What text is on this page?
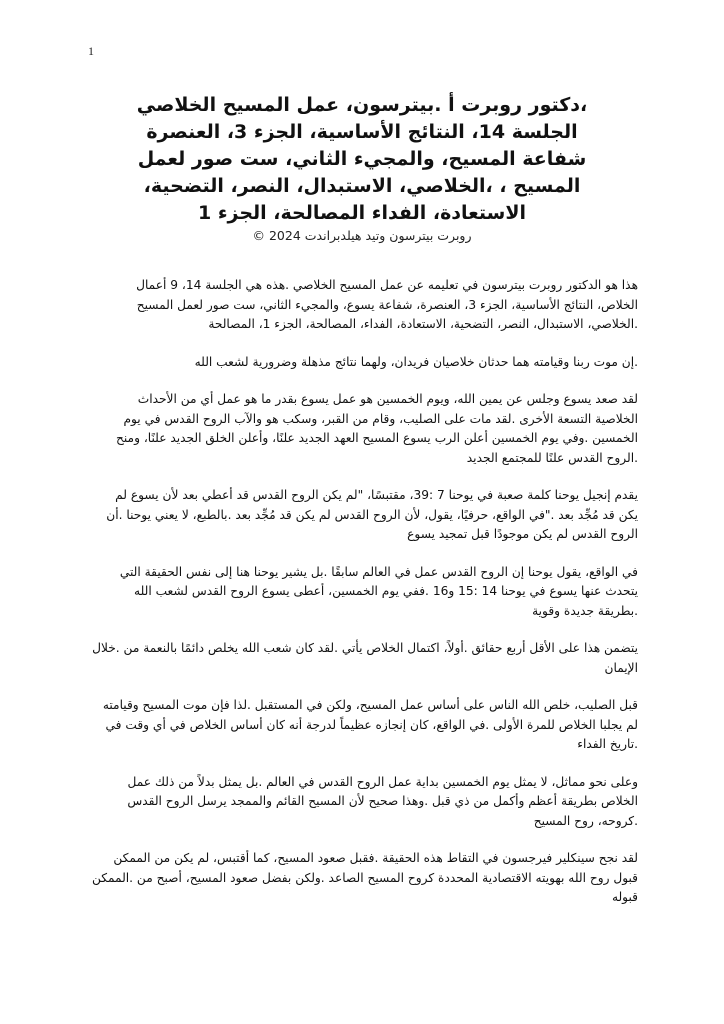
1
،دكتور روبرت أ .بيترسون، عمل المسيح الخلاصي الجلسة 14، النتائج الأساسية، الجزء 3، العنصرة شفاعة المسيح، والمجيء الثاني، ست صور لعمل المسيح ، ،الخلاصي، الاستبدال، النصر، التضحية، الاستعادة، الفداء المصالحة، الجزء 1
روبرت بيترسون وتيد هيلدبراندت 2024 ©

هذا هو الدكتور روبرت بيترسون في تعليمه عن عمل المسيح الخلاصي .هذه هي الجلسة 14، 9 أعمال الخلاص، النتائج الأساسية، الجزء 3، العنصرة، شفاعة يسوع، والمجيء الثاني، ست صور لعمل المسيح .الخلاصي، الاستبدال، النصر، التضحية، الاستعادة، الفداء، المصالحة، الجزء 1، المصالحة

.إن موت ربنا وقيامته هما حدثان خلاصيان فريدان، ولهما نتائج مذهلة وضرورية لشعب الله

لقد صعد يسوع وجلس عن يمين الله، ويوم الخمسين هو عمل يسوع بقدر ما هو عمل أي من الأحداث الخلاصية التسعة الأخرى .لقد مات على الصليب، وقام من القبر، وسكب هو والآب الروح القدس في يوم الخمسين .وفي يوم الخمسين أعلن الرب يسوع المسيح العهد الجديد علنًا، وأعلن الخلق الجديد علنًا، ومنح .الروح القدس علنًا للمجتمع الجديد

يقدم إنجيل يوحنا كلمة صعبة في يوحنا 7 :39، مقتبسًا، "لم يكن الروح القدس قد أعطي بعد لأن يسوع لم يكن قد مُجِّد بعد ."في الواقع، حرفيًا، يقول، لأن الروح القدس لم يكن قد مُجِّد بعد .بالطبع، لا يعني يوحنا .أن الروح القدس لم يكن موجودًا قبل تمجيد يسوع

في الواقع، يقول يوحنا إن الروح القدس عمل في العالم سابقًا .بل يشير يوحنا هنا إلى نفس الحقيقة التي يتحدث عنها يسوع في يوحنا 14 :15 و16 .ففي يوم الخمسين، أعطى يسوع الروح القدس لشعب الله .بطريقة جديدة وقوية

يتضمن هذا على الأقل أربع حقائق .أولاً، اكتمال الخلاص يأتي .لقد كان شعب الله يخلص دائمًا بالنعمة من .خلال الإيمان

قبل الصليب، خلص الله الناس على أساس عمل المسيح، ولكن في المستقبل .لذا فإن موت المسيح وقيامته لم يجلبا الخلاص للمرة الأولى .في الواقع، كان إنجازه عظيماً لدرجة أنه كان أساس الخلاص في أي وقت في .تاريخ الفداء

وعلى نحو مماثل، لا يمثل يوم الخمسين بداية عمل الروح القدس في العالم .بل يمثل بدلاً من ذلك عمل الخلاص بطريقة أعظم وأكمل من ذي قبل .وهذا صحيح لأن المسيح القائم والممجد يرسل الروح القدس .كروحه، روح المسيح

لقد نجح سينكلير فيرجسون في التقاط هذه الحقيقة .فقبل صعود المسيح، كما أقتبس، لم يكن من الممكن قبول روح الله بهويته الاقتصادية المحددة كروح المسيح الصاعد .ولكن بفضل صعود المسيح، أصبح من .الممكن قبوله
